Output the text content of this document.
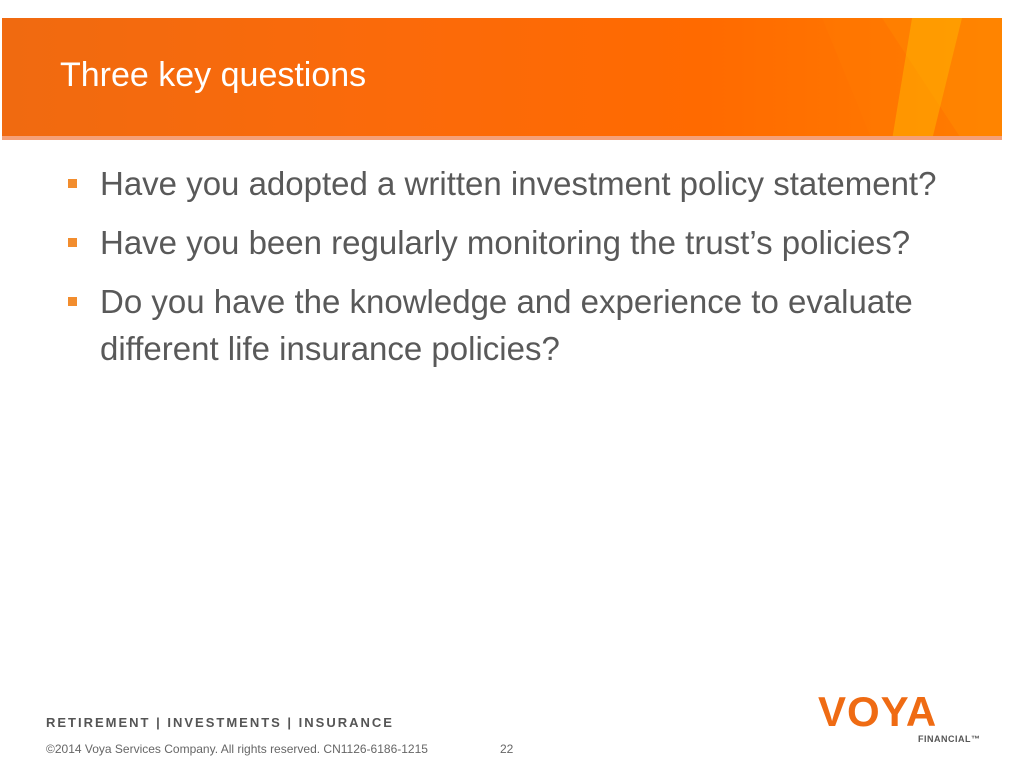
Three key questions
Have you adopted a written investment policy statement?
Have you been regularly monitoring the trust’s policies?
Do you have the knowledge and experience to evaluate different life insurance policies?

RETIREMENT | INVESTMENTS | INSURANCE

©2014 Voya Services Company. All rights reserved. CN1126-6186-1215	22

VOYA

FINANCIAL™
